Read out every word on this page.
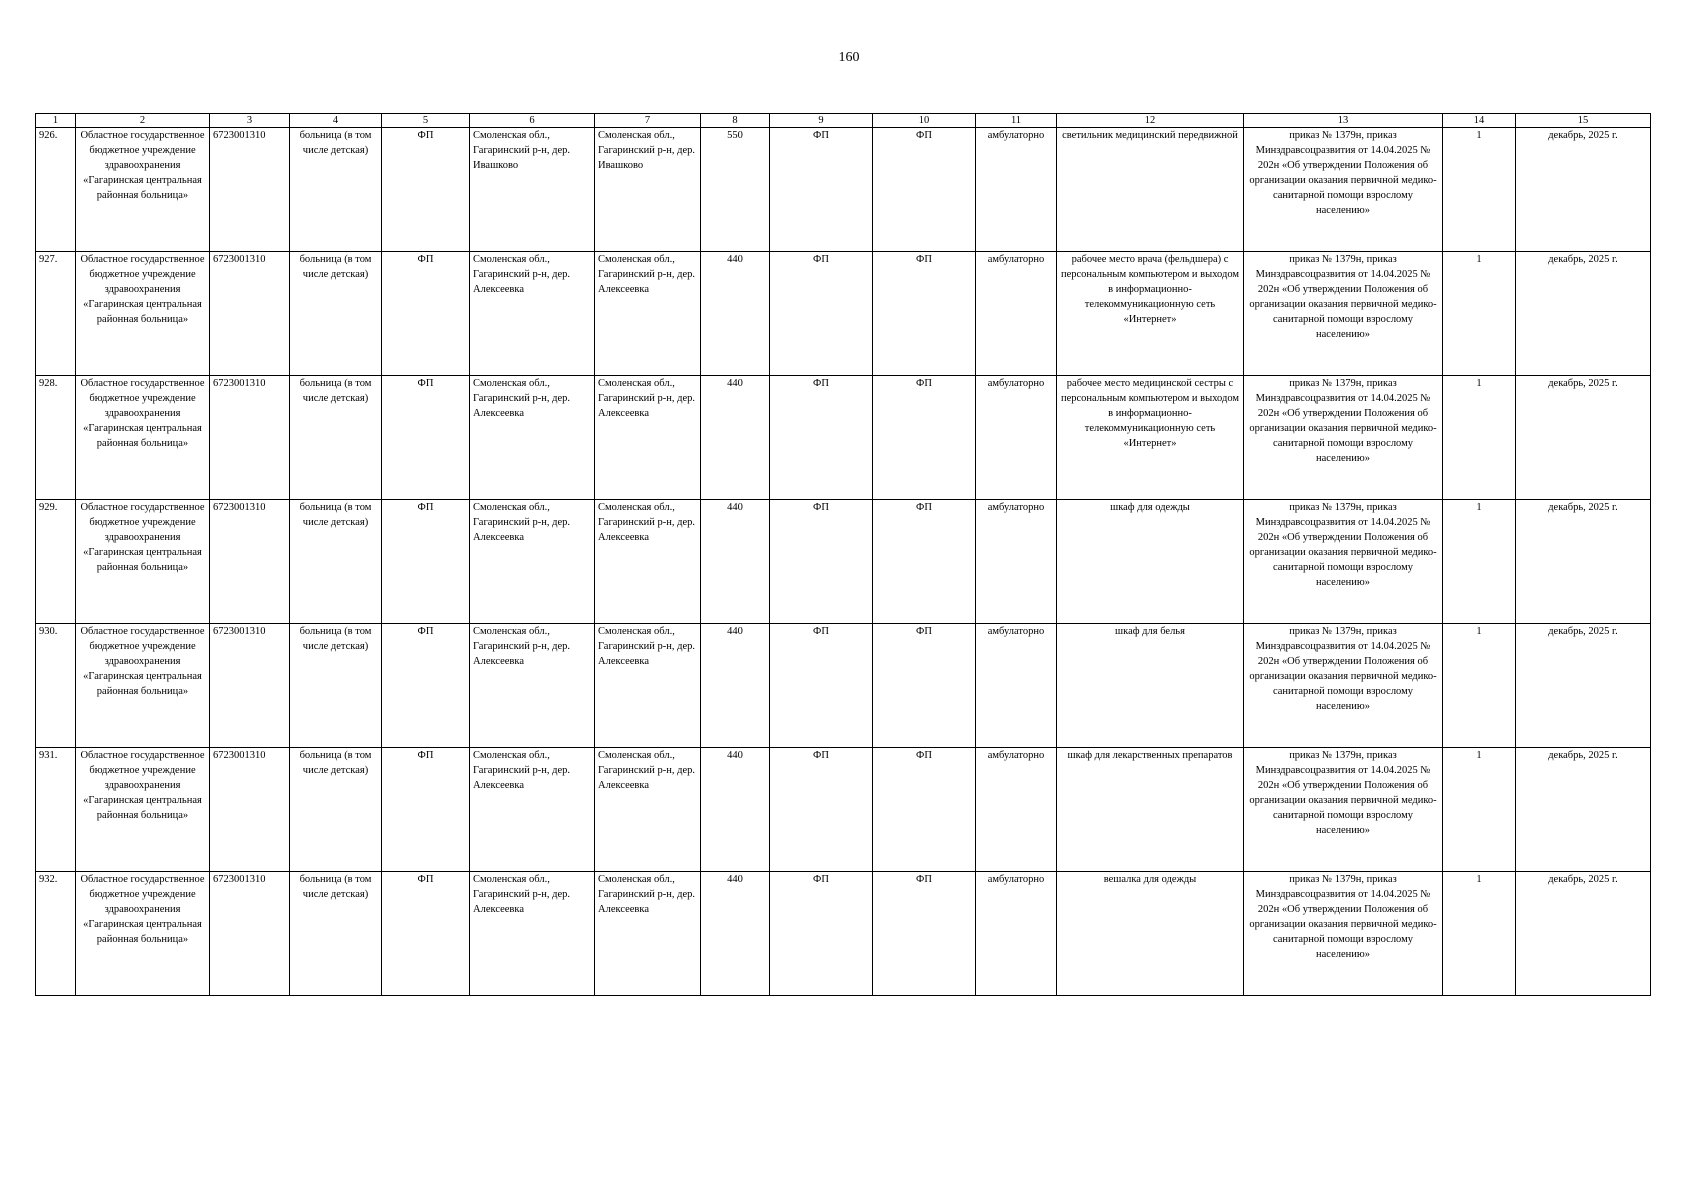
160
1	2	3	4	5	6	7	8	9	10	11	12	13	14	15
926.	Областное государственное бюджетное учреждение здравоохранения «Гагаринская центральная районная больница»	6723001310	больница (в том числе детская)	ФП	Смоленская обл., Гагаринский р-н, дер. Ивашково	Смоленская обл., Гагаринский р-н, дер. Ивашково	550	ФП	ФП	амбулаторно	светильник медицинский передвижной	приказ № 1379н, приказ Минздравсоцразвития от 14.04.2025 № 202н «Об утверждении Положения об организации оказания первичной медико-санитарной помощи взрослому населению»	1	декабрь, 2025 г.
927.	Областное государственное бюджетное учреждение здравоохранения «Гагаринская центральная районная больница»	6723001310	больница (в том числе детская)	ФП	Смоленская обл., Гагаринский р-н, дер. Алексеевка	Смоленская обл., Гагаринский р-н, дер. Алексеевка	440	ФП	ФП	амбулаторно	рабочее место врача (фельдшера) с персональным компьютером и выходом в информационно-телекоммуникационную сеть «Интернет»	приказ № 1379н, приказ Минздравсоцразвития от 14.04.2025 № 202н «Об утверждении Положения об организации оказания первичной медико-санитарной помощи взрослому населению»	1	декабрь, 2025 г.
928.	Областное государственное бюджетное учреждение здравоохранения «Гагаринская центральная районная больница»	6723001310	больница (в том числе детская)	ФП	Смоленская обл., Гагаринский р-н, дер. Алексеевка	Смоленская обл., Гагаринский р-н, дер. Алексеевка	440	ФП	ФП	амбулаторно	рабочее место медицинской сестры с персональным компьютером и выходом в информационно-телекоммуникационную сеть «Интернет»	приказ № 1379н, приказ Минздравсоцразвития от 14.04.2025 № 202н «Об утверждении Положения об организации оказания первичной медико-санитарной помощи взрослому населению»	1	декабрь, 2025 г.
929.	Областное государственное бюджетное учреждение здравоохранения «Гагаринская центральная районная больница»	6723001310	больница (в том числе детская)	ФП	Смоленская обл., Гагаринский р-н, дер. Алексеевка	Смоленская обл., Гагаринский р-н, дер. Алексеевка	440	ФП	ФП	амбулаторно	шкаф для одежды	приказ № 1379н, приказ Минздравсоцразвития от 14.04.2025 № 202н «Об утверждении Положения об организации оказания первичной медико-санитарной помощи взрослому населению»	1	декабрь, 2025 г.
930.	Областное государственное бюджетное учреждение здравоохранения «Гагаринская центральная районная больница»	6723001310	больница (в том числе детская)	ФП	Смоленская обл., Гагаринский р-н, дер. Алексеевка	Смоленская обл., Гагаринский р-н, дер. Алексеевка	440	ФП	ФП	амбулаторно	шкаф для белья	приказ № 1379н, приказ Минздравсоцразвития от 14.04.2025 № 202н «Об утверждении Положения об организации оказания первичной медико-санитарной помощи взрослому населению»	1	декабрь, 2025 г.
931.	Областное государственное бюджетное учреждение здравоохранения «Гагаринская центральная районная больница»	6723001310	больница (в том числе детская)	ФП	Смоленская обл., Гагаринский р-н, дер. Алексеевка	Смоленская обл., Гагаринский р-н, дер. Алексеевка	440	ФП	ФП	амбулаторно	шкаф для лекарственных препаратов	приказ № 1379н, приказ Минздравсоцразвития от 14.04.2025 № 202н «Об утверждении Положения об организации оказания первичной медико-санитарной помощи взрослому населению»	1	декабрь, 2025 г.
932.	Областное государственное бюджетное учреждение здравоохранения «Гагаринская центральная районная больница»	6723001310	больница (в том числе детская)	ФП	Смоленская обл., Гагаринский р-н, дер. Алексеевка	Смоленская обл., Гагаринский р-н, дер. Алексеевка	440	ФП	ФП	амбулаторно	вешалка для одежды	приказ № 1379н, приказ Минздравсоцразвития от 14.04.2025 № 202н «Об утверждении Положения об организации оказания первичной медико-санитарной помощи взрослому населению»	1	декабрь, 2025 г.
